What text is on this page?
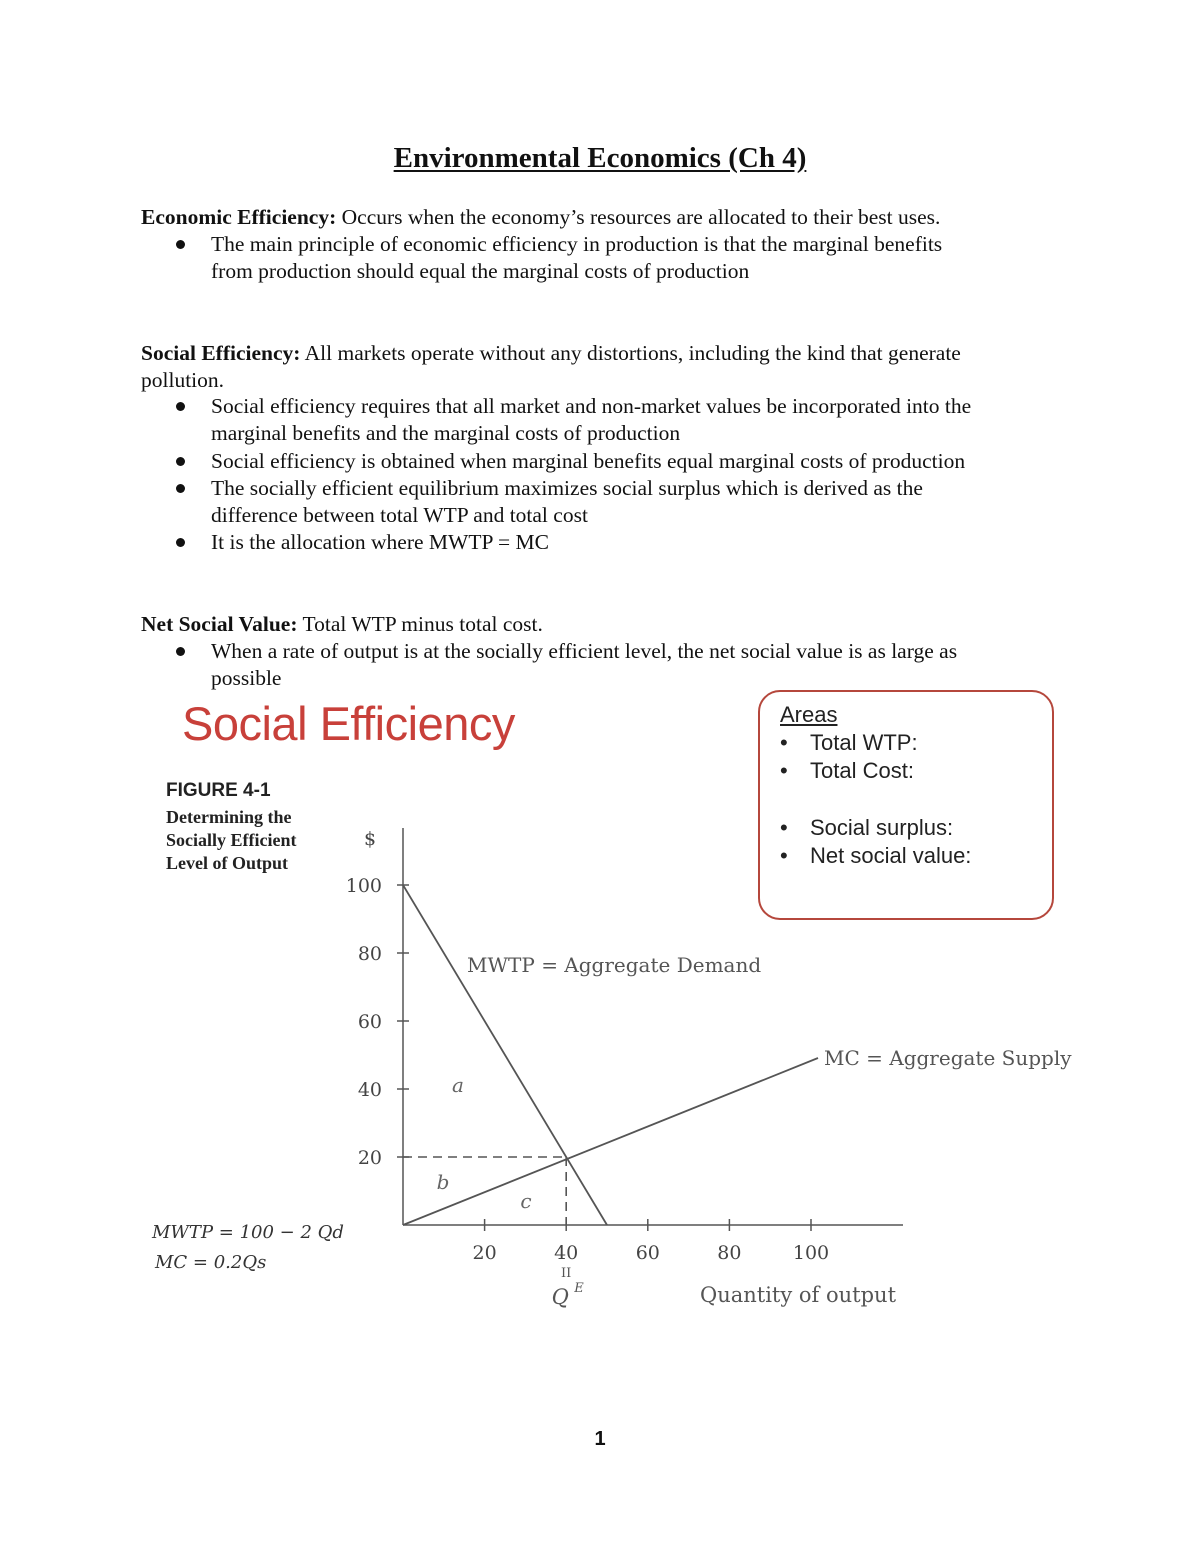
Environmental Economics (Ch 4)
Economic Efficiency: Occurs when the economy’s resources are allocated to their best uses.
The main principle of economic efficiency in production is that the marginal benefits
from production should equal the marginal costs of production
Social Efficiency: All markets operate without any distortions, including the kind that generate
pollution.
Social efficiency requires that all market and non-market values be incorporated into the
marginal benefits and the marginal costs of production
Social efficiency is obtained when marginal benefits equal marginal costs of production
The socially efficient equilibrium maximizes social surplus which is derived as the
difference between total WTP and total cost
It is the allocation where MWTP = MC
Net Social Value: Total WTP minus total cost.
When a rate of output is at the socially efficient level, the net social value is as large as
possible
Social Efficiency
FIGURE 4-1
Determining the
Socially Efficient
Level of Output
MWTP = 100 − 2 Qd
MC = 0.2Qs
Areas
• Total WTP:
• Total Cost:
• Social surplus:
• Net social value:
$
20
40
60
80
100
20	40	60	80	100
Quantity of output
MWTP = Aggregate Demand
MC = Aggregate Supply
II
Q E
a
b
c
1
